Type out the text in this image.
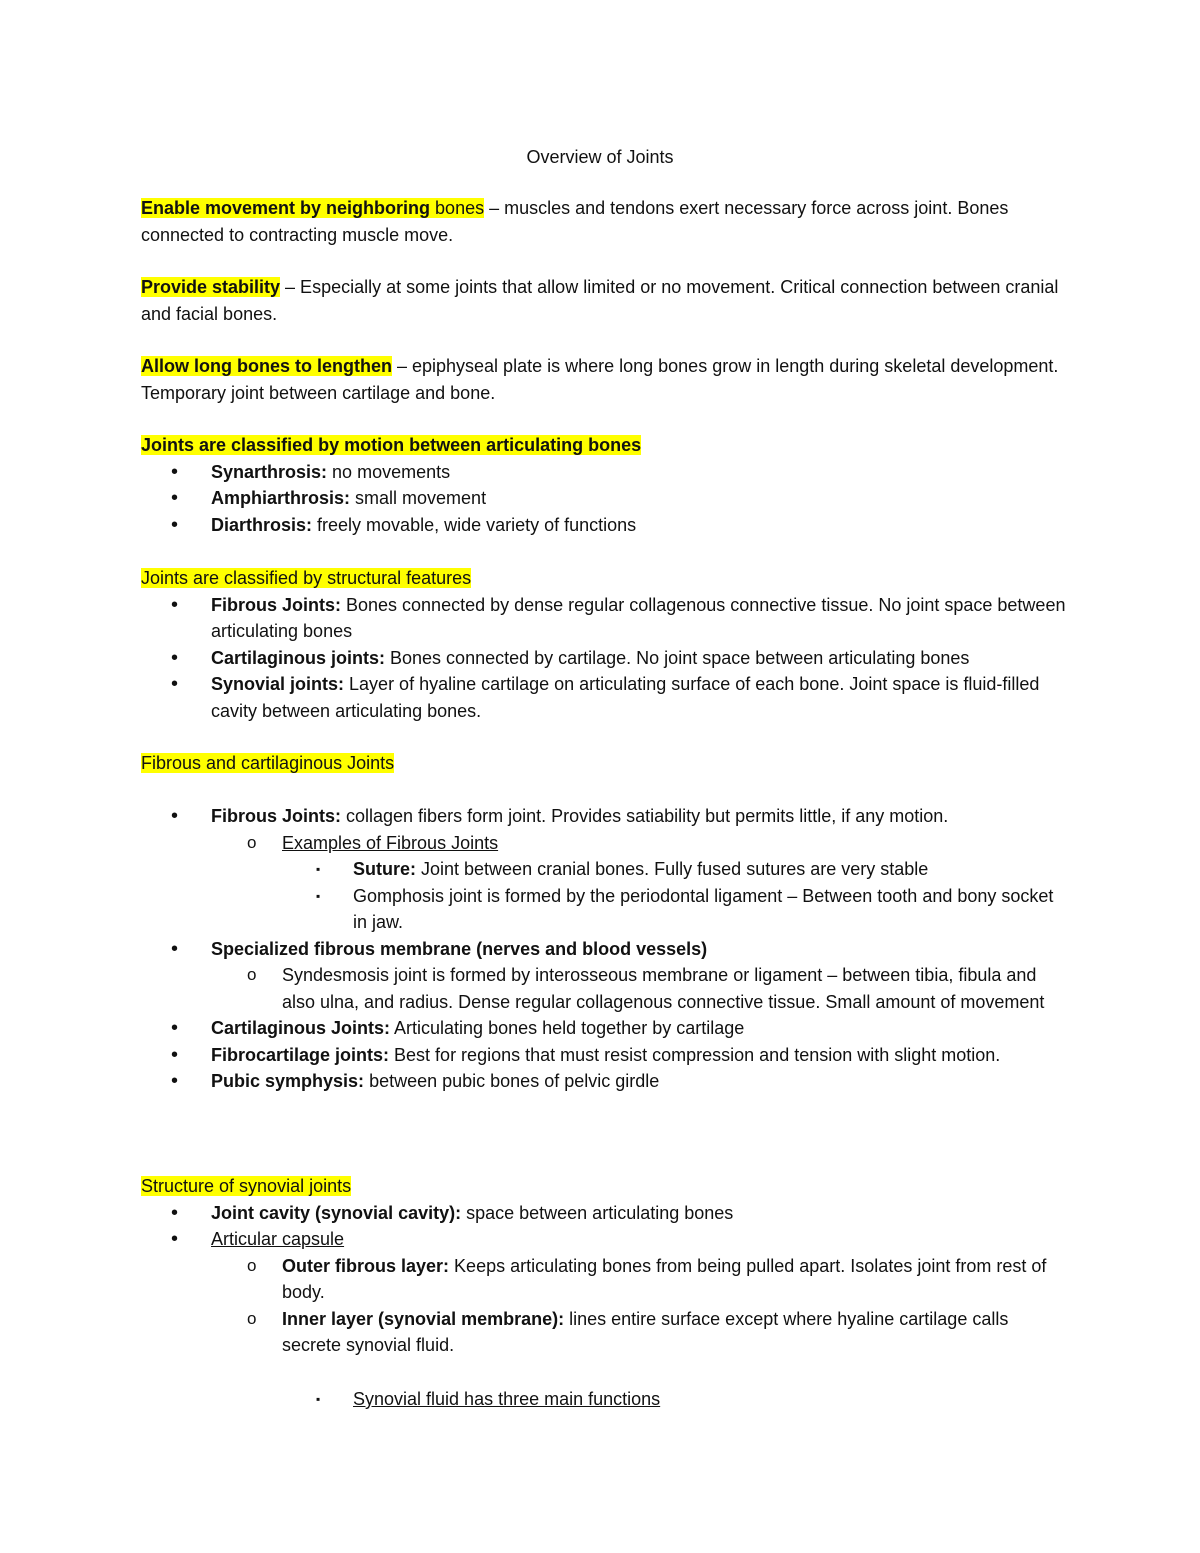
Overview of Joints
Enable movement by neighboring bones – muscles and tendons exert necessary force across joint. Bones connected to contracting muscle move.
Provide stability – Especially at some joints that allow limited or no movement. Critical connection between cranial and facial bones.
Allow long bones to lengthen – epiphyseal plate is where long bones grow in length during skeletal development. Temporary joint between cartilage and bone.
Joints are classified by motion between articulating bones
• Synarthrosis: no movements
• Amphiarthrosis: small movement
• Diarthrosis: freely movable, wide variety of functions
Joints are classified by structural features
• Fibrous Joints: Bones connected by dense regular collagenous connective tissue. No joint space between articulating bones
• Cartilaginous joints: Bones connected by cartilage. No joint space between articulating bones
• Synovial joints: Layer of hyaline cartilage on articulating surface of each bone. Joint space is fluid-filled cavity between articulating bones.
Fibrous and cartilaginous Joints
• Fibrous Joints: collagen fibers form joint. Provides satiability but permits little, if any motion.
o Examples of Fibrous Joints
▪ Suture: Joint between cranial bones. Fully fused sutures are very stable
▪ Gomphosis joint is formed by the periodontal ligament – Between tooth and bony socket in jaw.
• Specialized fibrous membrane (nerves and blood vessels)
o Syndesmosis joint is formed by interosseous membrane or ligament – between tibia, fibula and also ulna, and radius. Dense regular collagenous connective tissue. Small amount of movement
• Cartilaginous Joints: Articulating bones held together by cartilage
• Fibrocartilage joints: Best for regions that must resist compression and tension with slight motion.
• Pubic symphysis: between pubic bones of pelvic girdle
Structure of synovial joints
• Joint cavity (synovial cavity): space between articulating bones
• Articular capsule
o Outer fibrous layer: Keeps articulating bones from being pulled apart. Isolates joint from rest of body.
o Inner layer (synovial membrane): lines entire surface except where hyaline cartilage calls secrete synovial fluid.
▪ Synovial fluid has three main functions
